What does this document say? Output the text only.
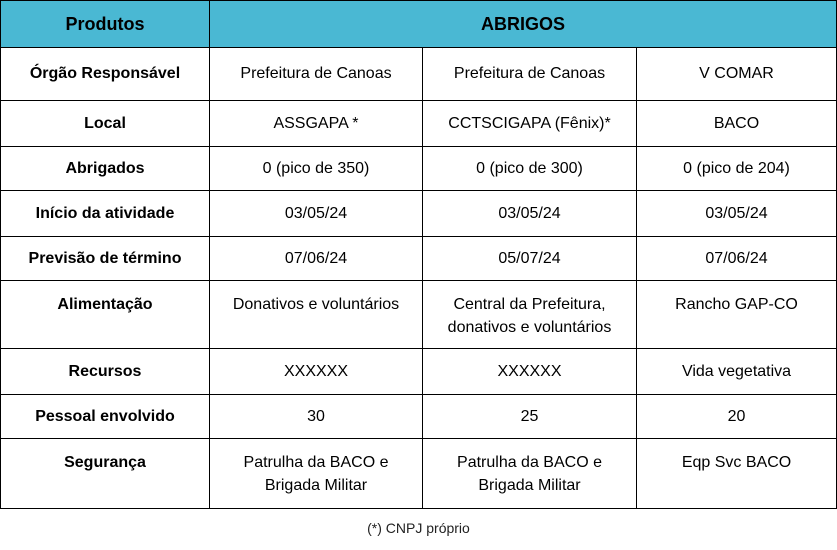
Produtos	ABRIGOS		
Órgão Responsável	Prefeitura de Canoas	Prefeitura de Canoas	V COMAR
Local	ASSGAPA *	CCTSCIGAPA (Fênix)*	BACO
Abrigados	0 (pico de 350)	0 (pico de 300)	0 (pico de 204)
Início da atividade	03/05/24	03/05/24	03/05/24
Previsão de término	07/06/24	05/07/24	07/06/24
Alimentação	Donativos e voluntários	Central da Prefeitura, donativos e voluntários	Rancho GAP-CO
Recursos	XXXXXX	XXXXXX	Vida vegetativa
Pessoal envolvido	30	25	20
Segurança	Patrulha da BACO e Brigada Militar	Patrulha da BACO e Brigada Militar	Eqp Svc BACO
(*) CNPJ próprio
